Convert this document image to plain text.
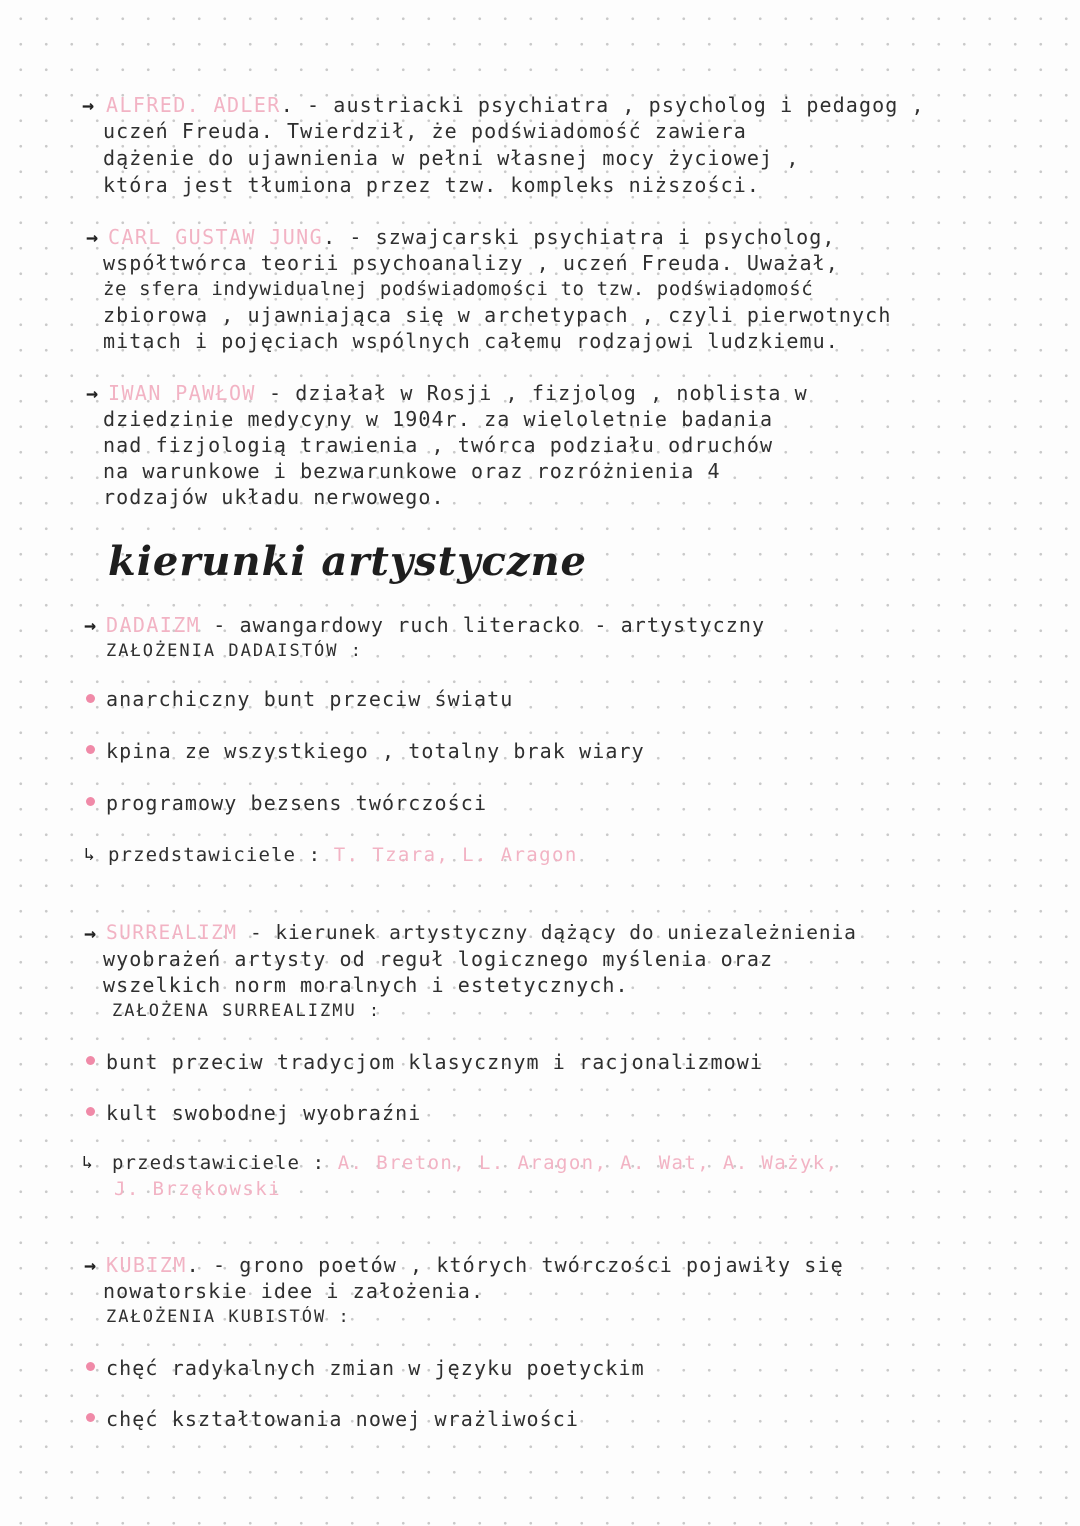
→ ALFRED. ADLER. - austriacki psychiatra , psycholog i pedagog ,
uczeń Freuda. Twierdził, że podświadomość zawiera
dążenie do ujawnienia w pełni własnej mocy życiowej ,
która jest tłumiona przez tzw. kompleks niższości.
→ CARL GUSTAW JUNG. - szwajcarski psychiatra i psycholog,
współtwórca teorii psychoanalizy , uczeń Freuda. Uważał,
że sfera indywidualnej podświadomości to tzw. podświadomość
zbiorowa , ujawniająca się w archetypach , czyli pierwotnych
mitach i pojęciach wspólnych całemu rodzajowi ludzkiemu.
→ IWAN PAWŁOW - działał w Rosji , fizjolog , noblista w
dziedzinie medycyny w 1904r. za wieloletnie badania
nad fizjologią trawienia , twórca podziału odruchów
na warunkowe i bezwarunkowe oraz rozróżnienia 4
rodzajów układu nerwowego.
kierunki artystyczne
→ DADAIZM - awangardowy ruch literacko - artystyczny
ZAŁOŻENIA DADAISTÓW :
anarchiczny bunt przeciw światu
kpina ze wszystkiego , totalny brak wiary
programowy bezsens twórczości
↳ przedstawiciele : T. Tzara, L. Aragon
→ SURREALIZM - kierunek artystyczny dążący do uniezależnienia
wyobrażeń artysty od reguł logicznego myślenia oraz
wszelkich norm moralnych i estetycznych.
ZAŁOŻENA SURREALIZMU :
bunt przeciw tradycjom klasycznym i racjonalizmowi
kult swobodnej wyobraźni
↳ przedstawiciele : A. Breton, L. Aragon, A. Wat, A. Ważyk,
J. Brzękowski
→ KUBIZM. - grono poetów , których twórczości pojawiły się
nowatorskie idee i założenia.
ZAŁOŻENIA KUBISTÓW :
chęć radykalnych zmian w języku poetyckim
chęć kształtowania nowej wrażliwości
